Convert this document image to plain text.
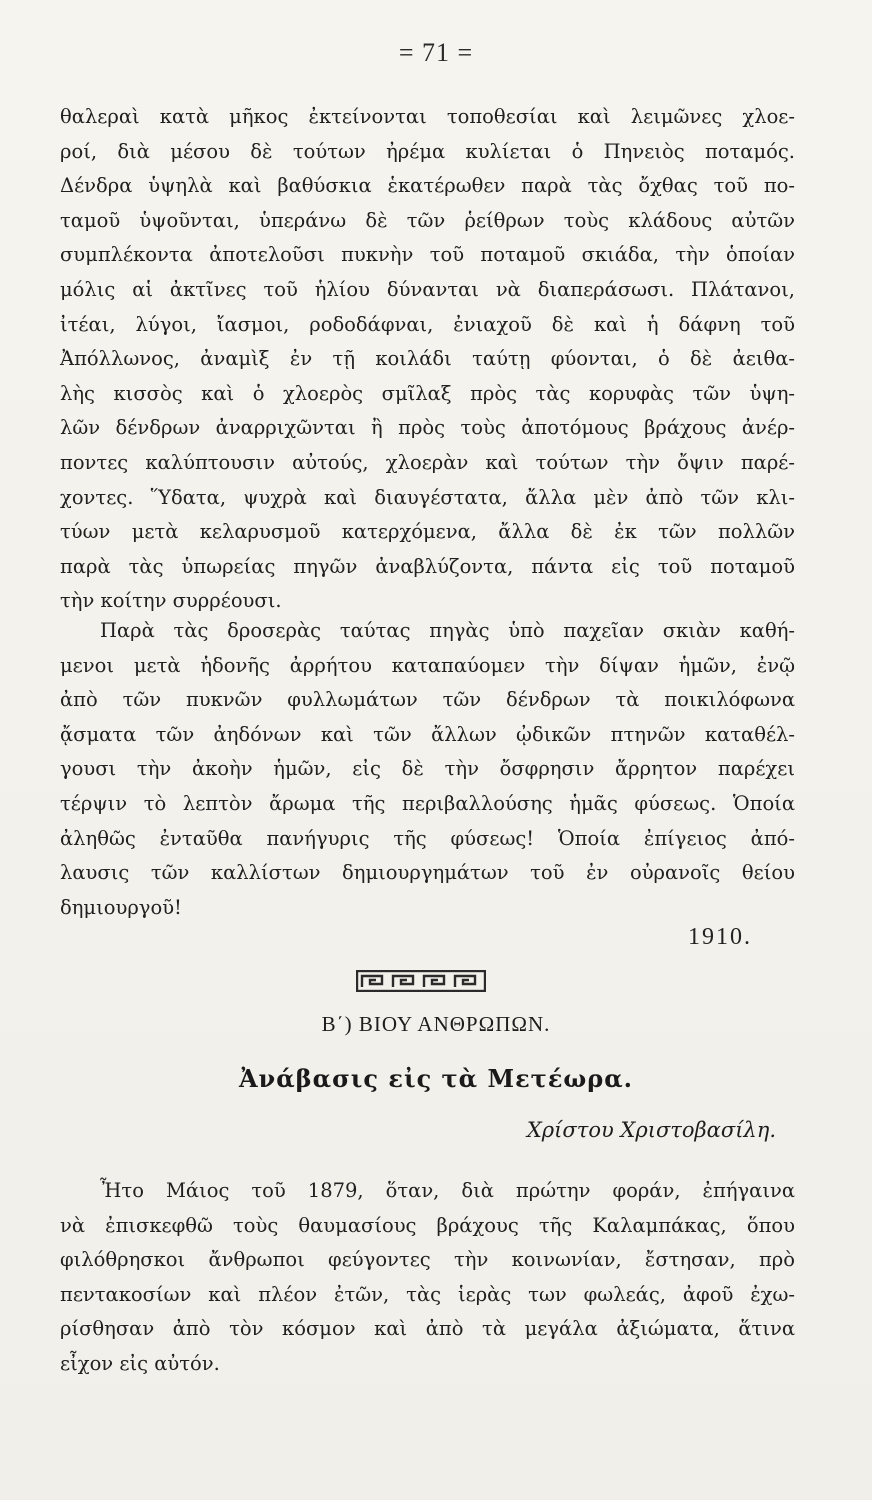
= 71 =
θαλεραὶ κατὰ μῆκος ἐκτείνονται τοποθεσίαι καὶ λειμῶνες χλοε-
ροί, διὰ μέσου δὲ τούτων ἠρέμα κυλίεται ὁ Πηνειὸς ποταμός.
Δένδρα ὑψηλὰ καὶ βαθύσκια ἑκατέρωθεν παρὰ τὰς ὄχθας τοῦ πο-
ταμοῦ ὑψοῦνται, ὑπεράνω δὲ τῶν ῥείθρων τοὺς κλάδους αὐτῶν
συμπλέκοντα ἀποτελοῦσι πυκνὴν τοῦ ποταμοῦ σκιάδα, τὴν ὁποίαν
μόλις αἱ ἀκτῖνες τοῦ ἡλίου δύνανται νὰ διαπεράσωσι. Πλάτανοι,
ἰτέαι, λύγοι, ἴασμοι, ροδοδάφναι, ἐνιαχοῦ δὲ καὶ ἡ δάφνη τοῦ
Ἀπόλλωνος, ἀναμὶξ ἐν τῇ κοιλάδι ταύτῃ φύονται, ὁ δὲ ἀειθα-
λὴς κισσὸς καὶ ὁ χλοερὸς σμῖλαξ πρὸς τὰς κορυφὰς τῶν ὑψη-
λῶν δένδρων ἀναρριχῶνται ἢ πρὸς τοὺς ἀποτόμους βράχους ἀνέρ-
ποντες καλύπτουσιν αὐτούς, χλοερὰν καὶ τούτων τὴν ὄψιν παρέ-
χοντες. Ὕδατα, ψυχρὰ καὶ διαυγέστατα, ἄλλα μὲν ἀπὸ τῶν κλι-
τύων μετὰ κελαρυσμοῦ κατερχόμενα, ἄλλα δὲ ἐκ τῶν πολλῶν
παρὰ τὰς ὑπωρείας πηγῶν ἀναβλύζοντα, πάντα εἰς τοῦ ποταμοῦ
τὴν κοίτην συρρέουσι.
Παρὰ τὰς δροσερὰς ταύτας πηγὰς ὑπὸ παχεῖαν σκιὰν καθή-
μενοι μετὰ ἡδονῆς ἀρρήτου καταπαύομεν τὴν δίψαν ἡμῶν, ἐνῷ
ἀπὸ τῶν πυκνῶν φυλλωμάτων τῶν δένδρων τὰ ποικιλόφωνα
ᾄσματα τῶν ἀηδόνων καὶ τῶν ἄλλων ᾠδικῶν πτηνῶν καταθέλ-
γουσι τὴν ἀκοὴν ἡμῶν, εἰς δὲ τὴν ὄσφρησιν ἄρρητον παρέχει
τέρψιν τὸ λεπτὸν ἄρωμα τῆς περιβαλλούσης ἡμᾶς φύσεως. Ὁποία
ἀληθῶς ἐνταῦθα πανήγυρις τῆς φύσεως! Ὁποία ἐπίγειος ἀπό-
λαυσις τῶν καλλίστων δημιουργημάτων τοῦ ἐν οὐρανοῖς θείου
δημιουργοῦ!
1910.
Β΄) ΒΙΟΥ ΑΝΘΡΩΠΩΝ.
Ἀνάβασις εἰς τὰ Μετέωρα.
Χρίστου Χριστοβασίλη.
Ἦτο Μάιος τοῦ 1879, ὅταν, διὰ πρώτην φοράν, ἐπήγαινα
νὰ ἐπισκεφθῶ τοὺς θαυμασίους βράχους τῆς Καλαμπάκας, ὅπου
φιλόθρησκοι ἄνθρωποι φεύγοντες τὴν κοινωνίαν, ἔστησαν, πρὸ
πεντακοσίων καὶ πλέον ἐτῶν, τὰς ἱερὰς των φωλεάς, ἀφοῦ ἐχω-
ρίσθησαν ἀπὸ τὸν κόσμον καὶ ἀπὸ τὰ μεγάλα ἀξιώματα, ἅτινα
εἶχον εἰς αὐτόν.
